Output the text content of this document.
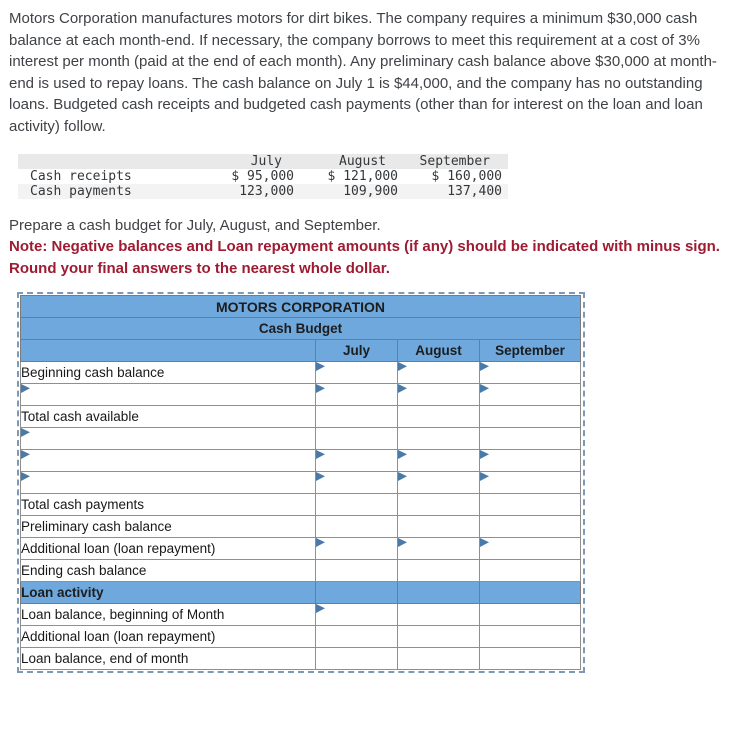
Motors Corporation manufactures motors for dirt bikes. The company requires a minimum $30,000 cash balance at each month-end. If necessary, the company borrows to meet this requirement at a cost of 3% interest per month (paid at the end of each month). Any preliminary cash balance above $30,000 at month-end is used to repay loans. The cash balance on July 1 is $44,000, and the company has no outstanding loans. Budgeted cash receipts and budgeted cash payments (other than for interest on the loan and loan activity) follow.

	July	August	September
Cash receipts	$ 95,000	$ 121,000	$ 160,000
Cash payments	123,000	109,900	137,400

Prepare a cash budget for July, August, and September.

Note: Negative balances and Loan repayment amounts (if any) should be indicated with minus sign.
Round your final answers to the nearest whole dollar.

MOTORS CORPORATION			
Cash Budget			
	July	August	September
Beginning cash balance	

Total cash available			

Total cash payments			
Preliminary cash balance			
Additional loan (loan repayment)	

Ending cash balance			
Loan activity			
Loan balance, beginning of Month	

Additional loan (loan repayment)			
Loan balance, end of month			
